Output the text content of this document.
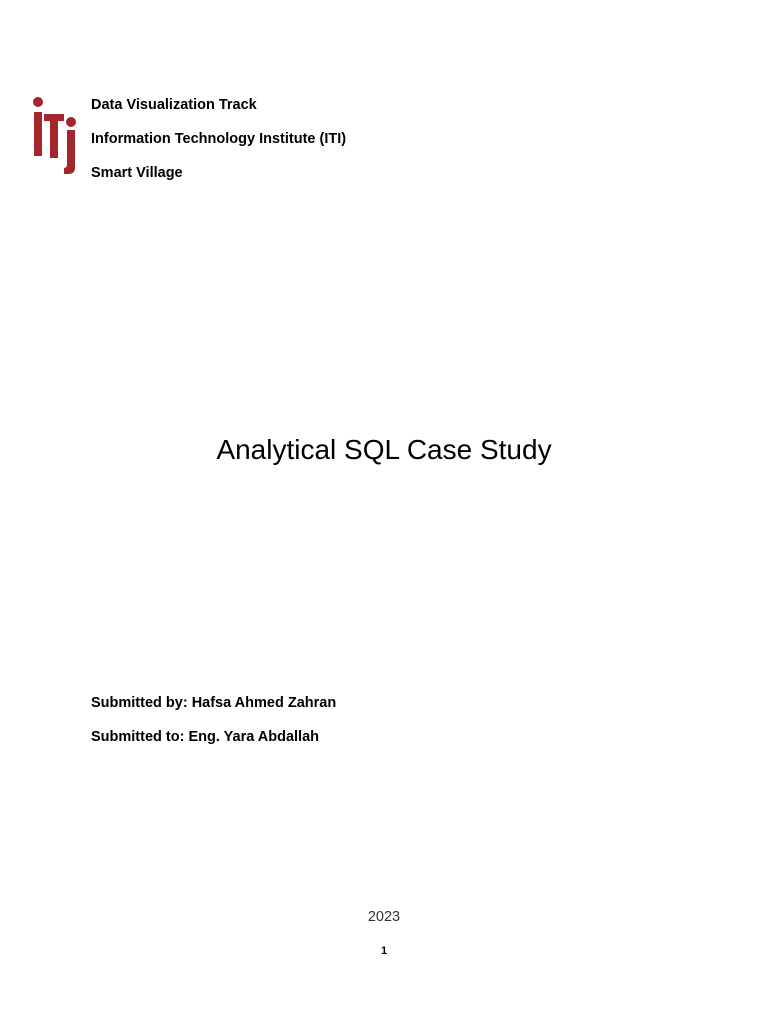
Data Visualization Track
Information Technology Institute (ITI)
Smart Village
Analytical SQL Case Study
Submitted by: Hafsa Ahmed Zahran
Submitted to: Eng. Yara Abdallah
2023
1
